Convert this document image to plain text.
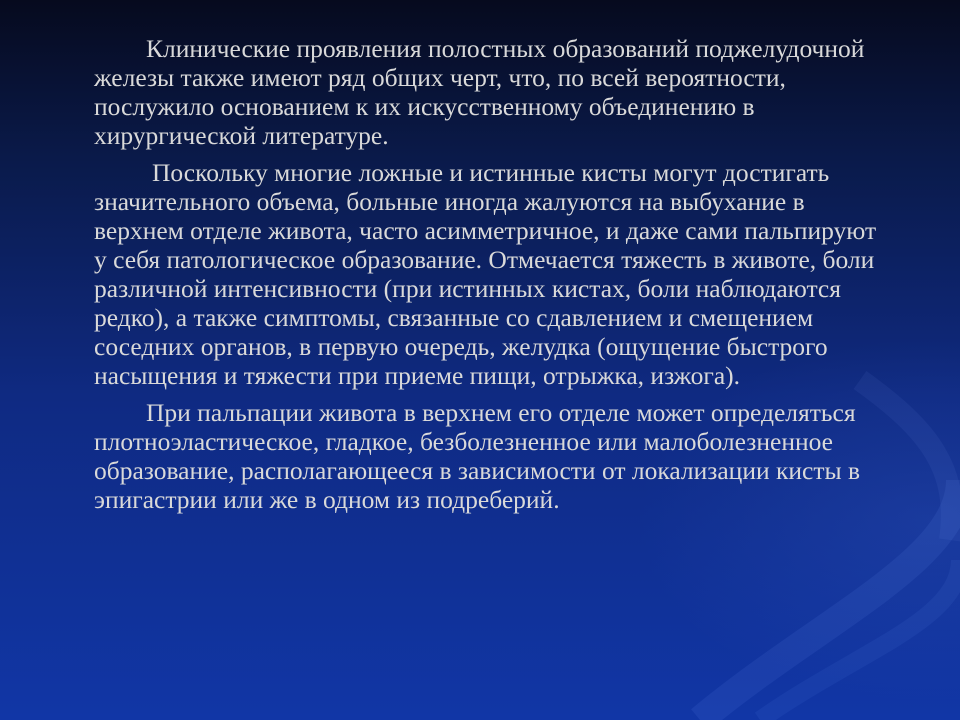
Клинические проявления полостных образований поджелудочной железы также имеют ряд общих черт, что, по всей вероятности, послужило основанием к их искусственному объединению в хирургической литературе.

Поскольку многие ложные и истинные кисты могут достигать значительного объема, больные иногда жалуются на выбухание в верхнем отделе живота, часто асимметричное, и даже сами пальпируют у себя патологическое образование. Отмечается тяжесть в животе, боли различной интенсивности (при истинных кистах, боли наблюдаются редко), а также симптомы, связанные со сдавлением и смещением соседних органов, в первую очередь, желудка (ощущение быстрого насыщения и тяжести при приеме пищи, отрыжка, изжога).

При пальпации живота в верхнем его отделе может определяться плотноэластическое, гладкое, безболезненное или малоболезненное образование, располагающееся в зависимости от локализации кисты в эпигастрии или же в одном из подреберий.
